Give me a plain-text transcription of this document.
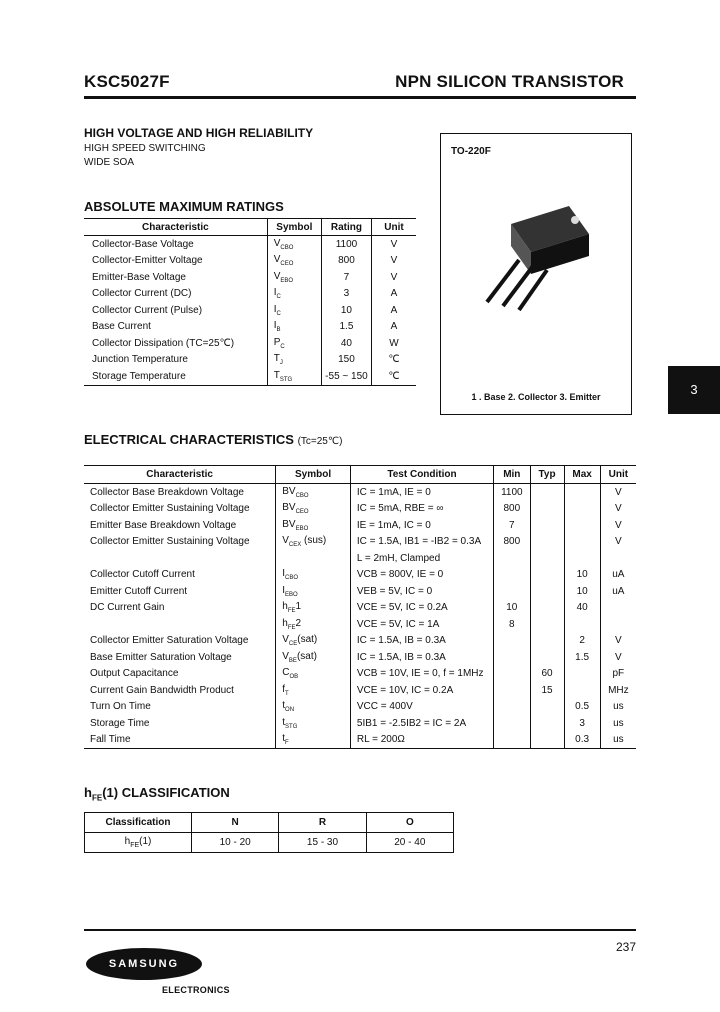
KSC5027F	NPN SILICON TRANSISTOR
HIGH VOLTAGE AND HIGH RELIABILITY
HIGH SPEED SWITCHING
WIDE SOA
ABSOLUTE MAXIMUM RATINGS
Characteristic	Symbol	Rating	Unit
Collector-Base Voltage	$V_{CBO}$	1100	V
Collector-Emitter Voltage	$V_{CEO}$	800	V
Emitter-Base Voltage	$V_{EBO}$	7	V
Collector Current (DC)	$I_C$	3	A
Collector Current (Pulse)	$I_C$	10	A
Base Current	$I_B$	1.5	A
Collector Dissipation (TC=25℃)	$P_C$	40	W
Junction Temperature	$T_J$	150	℃
Storage Temperature	$T_{STG}$	-55 ~ 150	℃
TO-220F
1 . Base 2. Collector 3. Emitter	3
ELECTRICAL CHARACTERISTICS (Tc=25℃)
Characteristic	Symbol	Test Condition	Min	Typ	Max	Unit
Collector Base Breakdown Voltage	$BV_{CBO}$	IC = 1mA, IE = 0	1100			V
Collector Emitter Sustaining Voltage	$BV_{CEO}$	IC = 5mA, RBE = ∞	800			V
Emitter Base Breakdown Voltage	$BV_{EBO}$	IE = 1mA, IC = 0	7			V
Collector Emitter Sustaining Voltage	$V_{CEX}$ (sus)	IC = 1.5A, IB1 = -IB2 = 0.3A	800			V
		L = 2mH, Clamped				
Collector Cutoff Current	$I_{CBO}$	VCB = 800V, IE = 0			10	uA
Emitter Cutoff Current	$I_{EBO}$	VEB = 5V, IC = 0			10	uA
DC Current Gain	$h_{FE}1$	VCE = 5V, IC = 0.2A	10		40	
	$h_{FE}2$	VCE = 5V, IC = 1A	8			
Collector Emitter Saturation Voltage	$V_{CE}(sat)$	IC = 1.5A, IB = 0.3A			2	V
Base Emitter Saturation Voltage	$V_{BE}(sat)$	IC = 1.5A, IB = 0.3A			1.5	V
Output Capacitance	$C_{OB}$	VCB = 10V, IE = 0, f = 1MHz		60		pF
Current Gain Bandwidth Product	$f_T$	VCE = 10V, IC = 0.2A		15		MHz
Turn On Time	$t_{ON}$	VCC = 400V			0.5	us
Storage Time	$t_{STG}$	5IB1 = -2.5IB2 = IC = 2A			3	us
Fall Time	$t_F$	RL = 200Ω			0.3	us
$h_{FE}(1)$ CLASSIFICATION
Classification	N	R	O
$h_{FE}(1)$	10 - 20	15 - 30	20 - 40
237
SAMSUNG
ELECTRONICS
